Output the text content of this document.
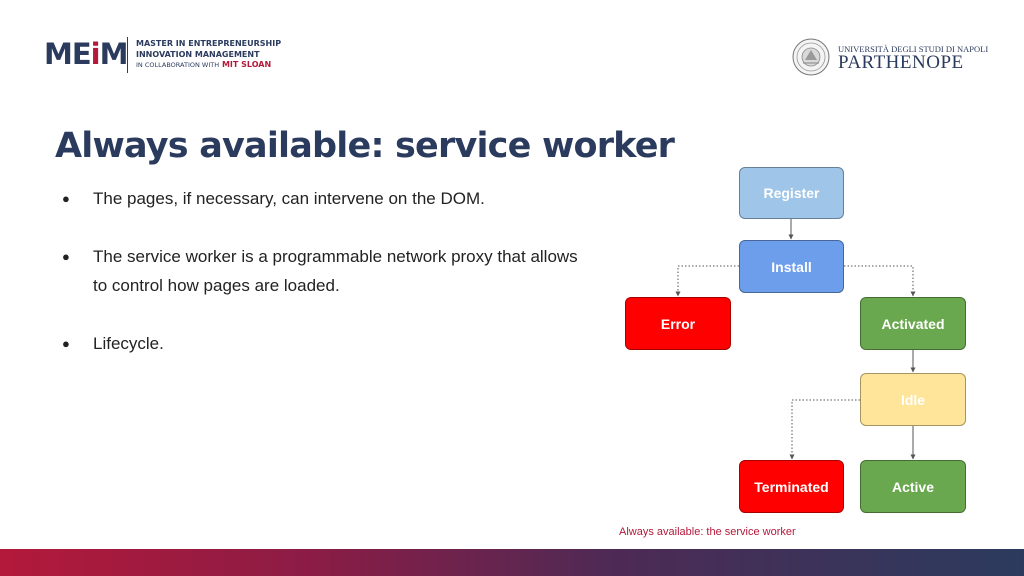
MEiM MASTER IN ENTREPRENEURSHIP
INNOVATION MANAGEMENT
IN COLLABORATION WITH MIT SLOAN
UNIVERSITÀ DEGLI STUDI DI NAPOLI
PARTHENOPE
Always available: service worker
● The pages, if necessary, can intervene on the DOM.
● The service worker is a programmable network proxy that allows to control how pages are loaded.
● Lifecycle.
Register
Install
Error	Activated
Idle
Terminated	Active
Always available: the service worker
